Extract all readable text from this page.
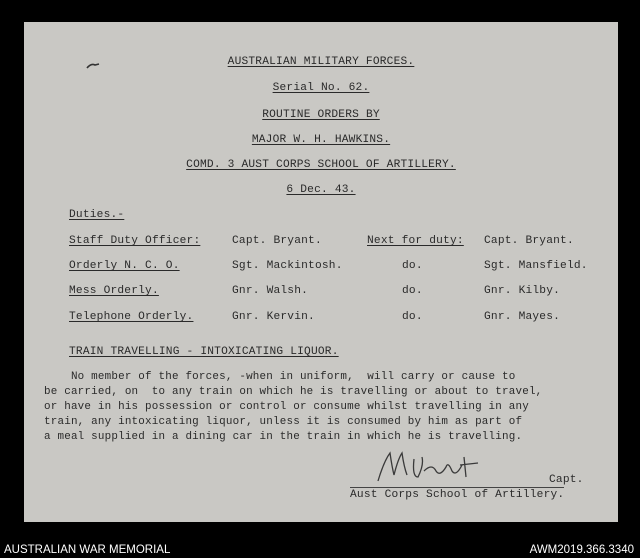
AUSTRALIAN MILITARY FORCES.
Serial No. 62.
ROUTINE ORDERS BY
MAJOR W. H. HAWKINS.
COMD. 3 AUST CORPS SCHOOL OF ARTILLERY.
6 Dec. 43.
Duties.-
Staff Duty Officer:	Capt. Bryant.	Next for duty: Capt. Bryant.
Orderly N. C. O.	Sgt. Mackintosh.	do.	Sgt. Mansfield.
Mess Orderly.	Gnr. Walsh.	do.	Gnr. Kilby.
Telephone Orderly.	Gnr. Kervin.	do.	Gnr. Mayes.
TRAIN TRAVELLING - INTOXICATING LIQUOR.
No member of the forces, -when in uniform,  will carry or cause to
be carried, on  to any train on which he is travelling or about to travel,
or have in his possession or control or consume whilst travelling in any
train, any intoxicating liquor, unless it is consumed by him as part of
a meal supplied in a dining car in the train in which he is travelling.
Capt.
Aust Corps School of Artillery.
AUSTRALIAN WAR MEMORIAL	AWM2019.366.3340
